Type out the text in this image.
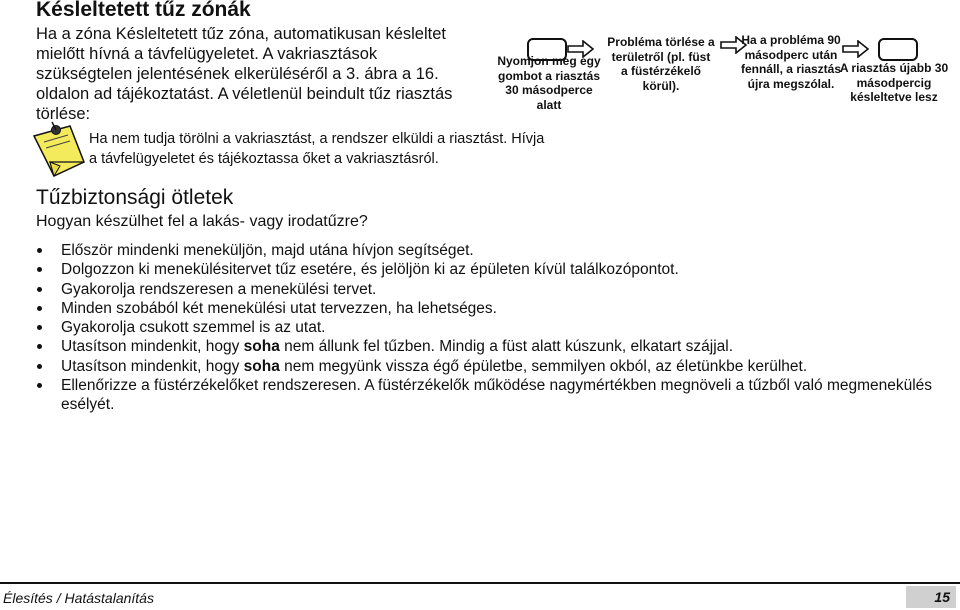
Késleltetett tűz zónák
Ha a zóna Késleltetett tűz zóna, automatikusan késleltet mielőtt hívná a távfelügyeletet. A vakriasztások szükségtelen jelentésének elkerüléséről a 3. ábra a 16. oldalon ad tájékoztatást. A véletlenül beindult tűz riasztás törlése:
Nyomjon meg egy gombot a riasztás 30 másodperce alatt
Probléma törlése a területről (pl. füst a füstérzékelő körül).
Ha a probléma 90 másodperc után fennáll, a riasztás újra megszólal.
A riasztás újabb 30 másodpercig késleltetve lesz
Ha nem tudja törölni a vakriasztást, a rendszer elküldi a riasztást. Hívja a távfelügyeletet és tájékoztassa őket a vakriasztásról.
Tűzbiztonsági ötletek
Hogyan készülhet fel a lakás- vagy irodatűzre?
Először mindenki meneküljön, majd utána hívjon segítséget.
Dolgozzon ki menekülésitervet tűz esetére, és jelöljön ki az épületen kívül találkozópontot.
Gyakorolja rendszeresen a menekülési tervet.
Minden szobából két menekülési utat tervezzen, ha lehetséges.
Gyakorolja csukott szemmel is az utat.
Utasítson mindenkit, hogy soha nem állunk fel tűzben. Mindig a füst alatt kúszunk, elkatart szájjal.
Utasítson mindenkit, hogy soha nem megyünk vissza égő épületbe, semmilyen okból, az életünkbe kerülhet.
Ellenőrizze a füstérzékelőket rendszeresen. A füstérzékelők működése nagymértékben megnöveli a tűzből való megmenekülés esélyét.
Élesítés / Hatástalanítás	15
